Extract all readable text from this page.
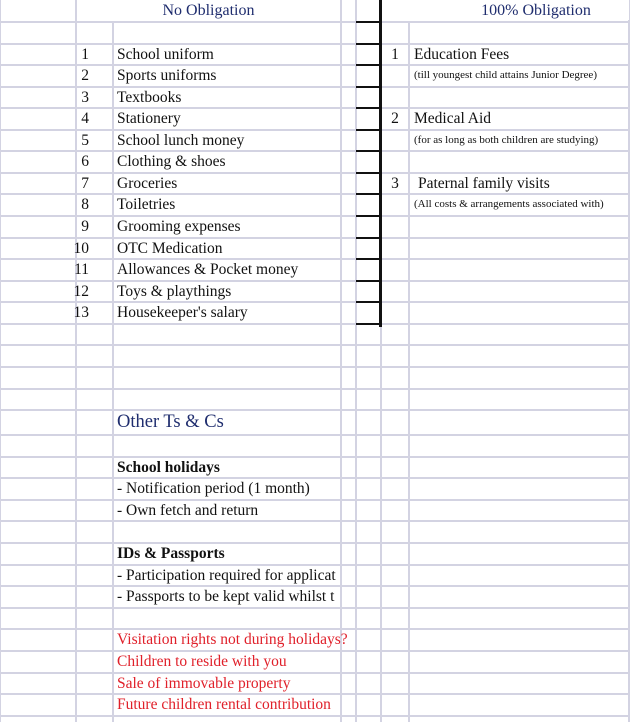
No Obligation	100% Obligation
1 School uniform
2 Sports uniforms
3 Textbooks
4 Stationery
5 School lunch money
6 Clothing & shoes
7 Groceries
8 Toiletries
9 Grooming expenses
10 OTC Medication
11 Allowances & Pocket money
12 Toys & playthings
13 Housekeeper's salary
1 Education Fees
(till youngest child attains Junior Degree)
2 Medical Aid
(for as long as both children are studying)
3	Paternal family visits
(All costs & arrangements associated with)
Other Ts & Cs
School holidays
- Notification period (1 month)
- Own fetch and return
IDs & Passports
- Participation required for applicat
- Passports to be kept valid whilst t
Visitation rights not during holidays?
Children to reside with you
Sale of immovable property
Future children rental contribution
